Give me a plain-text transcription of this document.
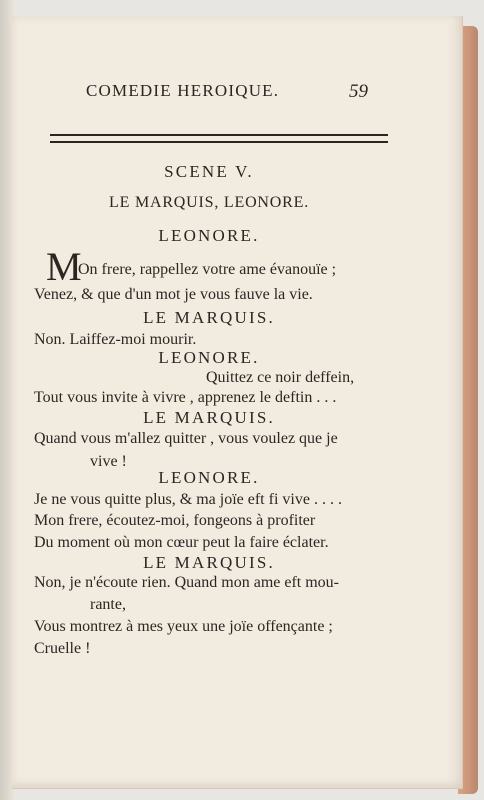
COMEDIE HEROIQUE.	59
SCENE V.
LE MARQUIS, LEONORE.
LEONORE.
M
On frere, rappellez votre ame évanouïe ;
Venez, & que d'un mot je vous fauve la vie.
LE MARQUIS.
Non. Laiffez-moi mourir.
LEONORE.
Quittez ce noir deffein,
Tout vous invite à vivre , apprenez le deftin . . .
LE MARQUIS.
Quand vous m'allez quitter , vous voulez que je
vive !
LEONORE.
Je ne vous quitte plus, & ma joïe eft fi vive . . . .
Mon frere, écoutez-moi, fongeons à profiter
Du moment où mon cœur peut la faire éclater.
LE MARQUIS.
Non, je n'écoute rien. Quand mon ame eft mou-
rante,
Vous montrez à mes yeux une joïe offençante ;
Cruelle !
